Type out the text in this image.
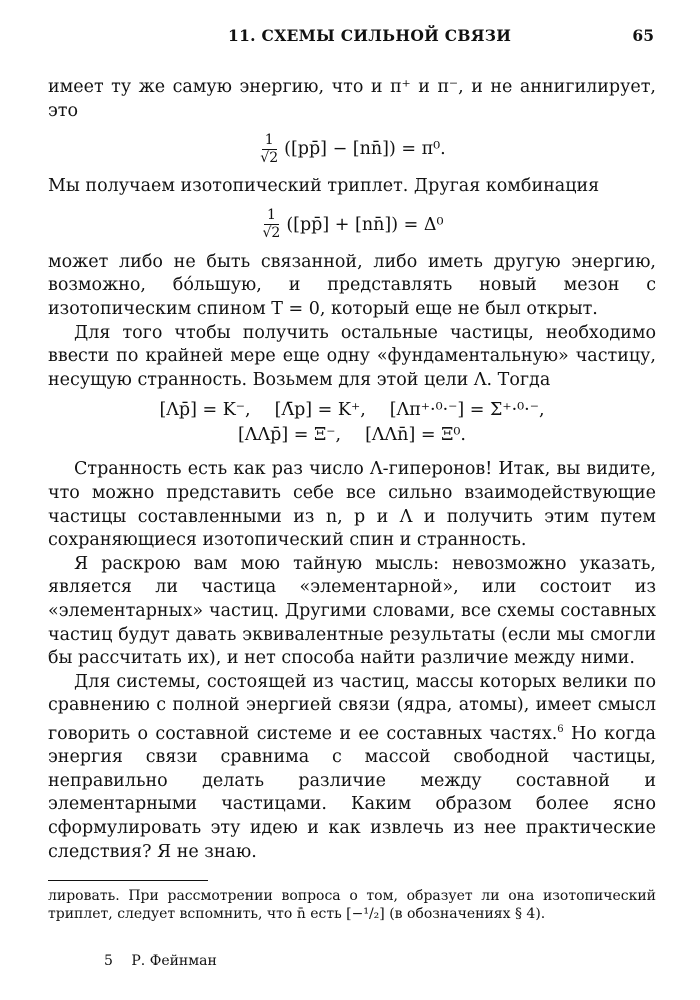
11. СХЕМЫ СИЛЬНОЙ СВЯЗИ	65

имеет ту же самую энергию, что и π⁺ и π⁻, и не аннигилирует, это

$\frac{1}{√2}$ ([pp̄] − [nn̄]) = π⁰.

Мы получаем изотопический триплет. Другая комбинация

$\frac{1}{√2}$ ([pp̄] + [nn̄]) = Δ⁰

может либо не быть связанной, либо иметь другую энергию, возможно, бо́льшую, и представлять новый мезон с изотопическим спином T = 0, который еще не был открыт.

Для того чтобы получить остальные частицы, необходимо ввести по крайней мере еще одну «фундаментальную» частицу, несущую странность. Возьмем для этой цели Λ. Тогда

[Λp̄] = K⁻, [Λ̄p] = K⁺, [Λπ⁺·⁰·⁻] = Σ⁺·⁰·⁻,
[ΛΛp̄] = Ξ⁻, [ΛΛn̄] = Ξ⁰.

Странность есть как раз число Λ-гиперонов! Итак, вы видите, что можно представить себе все сильно взаимодействующие частицы составленными из n, p и Λ и получить этим путем сохраняющиеся изотопический спин и странность.

Я раскрою вам мою тайную мысль: невозможно указать, является ли частица «элементарной», или состоит из «элементарных» частиц. Другими словами, все схемы составных частиц будут давать эквивалентные результаты (если мы смогли бы рассчитать их), и нет способа найти различие между ними.

Для системы, состоящей из частиц, массы которых велики по сравнению с полной энергией связи (ядра, атомы), имеет смысл говорить о составной системе и ее составных частях.$^6$ Но когда энергия связи сравнима с массой свободной частицы, неправильно делать различие между составной и элементарными частицами. Каким образом более ясно сформулировать эту идею и как извлечь из нее практические следствия? Я не знаю.

лировать. При рассмотрении вопроса о том, образует ли она изотопический триплет, следует вспомнить, что n̄ есть [−¹/₂] (в обозначениях § 4).
5 Р. Фейнман
